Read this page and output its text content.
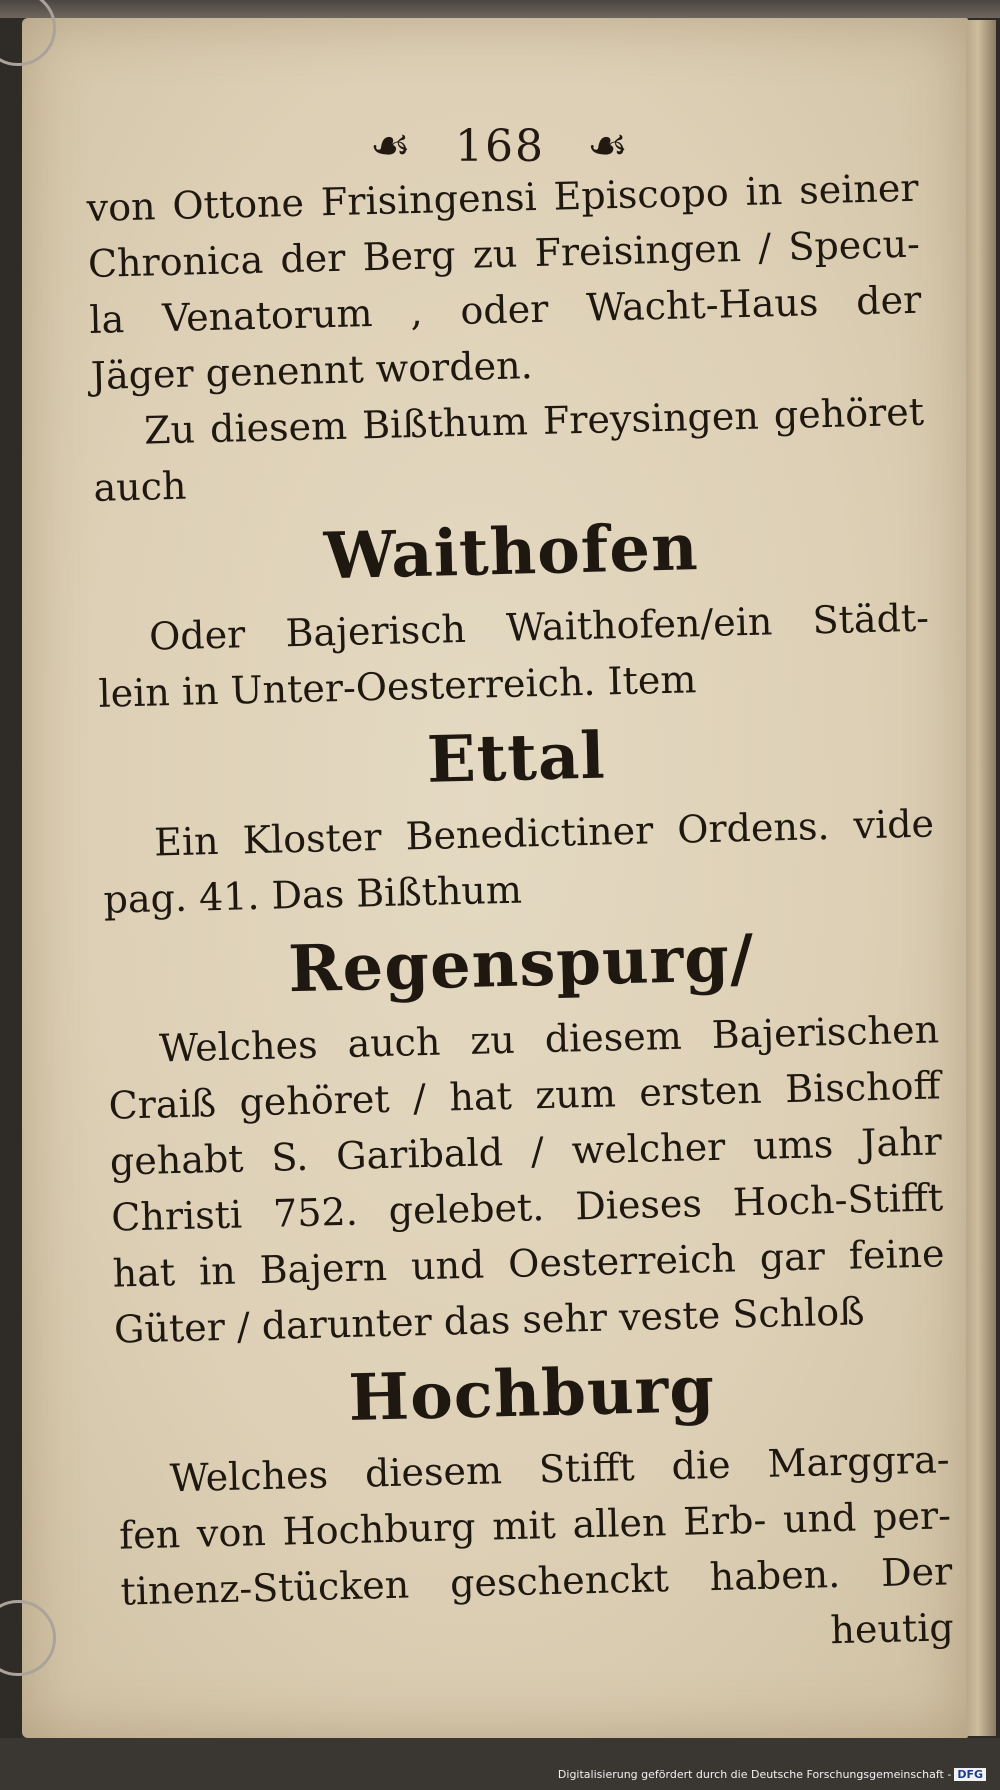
☙ 168 ☙
von Ottone Frisingensi Episcopo in seiner
Chronica der Berg zu Freisingen / Specu-
la Venatorum , oder Wacht-Haus der
Jäger genennt worden.
Zu diesem Bißthum Freysingen gehöret
auch
Waithofen
Oder Bajerisch Waithofen/ein Städt-
lein in Unter-Oesterreich. Item
Ettal
Ein Kloster Benedictiner Ordens. vide
pag. 41. Das Bißthum
Regenspurg/
Welches auch zu diesem Bajerischen
Craiß gehöret / hat zum ersten Bischoff
gehabt S. Garibald / welcher ums Jahr
Christi 752. gelebet. Dieses Hoch-Stifft
hat in Bajern und Oesterreich gar feine
Güter / darunter das sehr veste Schloß
Hochburg
Welches diesem Stifft die Marggra-
fen von Hochburg mit allen Erb- und per-
tinenz-Stücken geschenckt haben. Der
heutig
Digitalisierung gefördert durch die Deutsche Forschungsgemeinschaft - DFG
